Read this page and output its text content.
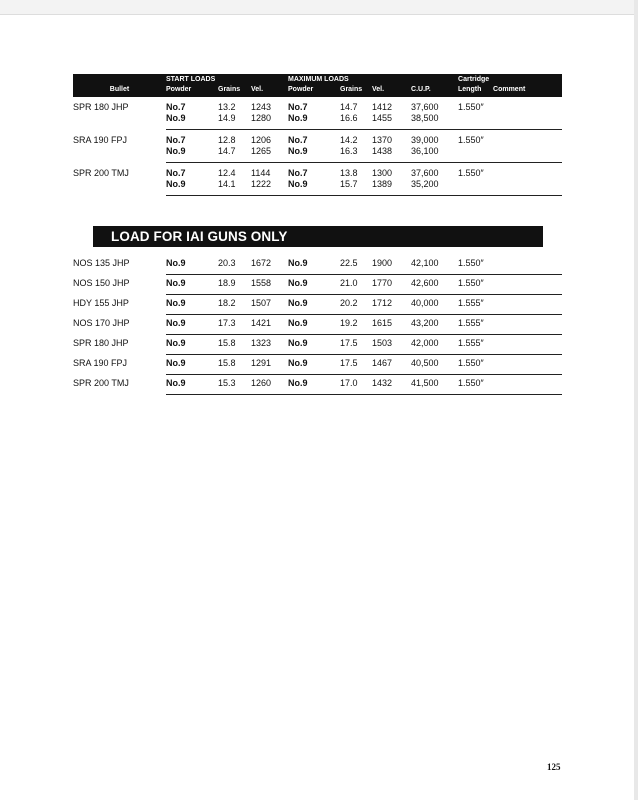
	START LOADS			MAXIMUM LOADS				Cartridge	
Bullet	Powder	Grains	Vel.	Powder	Grains	Vel.	C.U.P.	Length	Comment
SPR 180 JHP	No.7	13.2	1243	No.7	14.7	1412	37,600	1.550″	
	No.9	14.9	1280	No.9	16.6	1455	38,500		
SRA 190 FPJ	No.7	12.8	1206	No.7	14.2	1370	39,000	1.550″	
	No.9	14.7	1265	No.9	16.3	1438	36,100		
SPR 200 TMJ	No.7	12.4	1144	No.7	13.8	1300	37,600	1.550″	
	No.9	14.1	1222	No.9	15.7	1389	35,200		
LOAD FOR IAI GUNS ONLY
NOS 135 JHP	No.9	20.3	1672	No.9	22.5	1900	42,100	1.550″	
NOS 150 JHP	No.9	18.9	1558	No.9	21.0	1770	42,600	1.550″	
HDY 155 JHP	No.9	18.2	1507	No.9	20.2	1712	40,000	1.555″	
NOS 170 JHP	No.9	17.3	1421	No.9	19.2	1615	43,200	1.555″	
SPR 180 JHP	No.9	15.8	1323	No.9	17.5	1503	42,000	1.555″	
SRA 190 FPJ	No.9	15.8	1291	No.9	17.5	1467	40,500	1.550″	
SPR 200 TMJ	No.9	15.3	1260	No.9	17.0	1432	41,500	1.550″	
125
